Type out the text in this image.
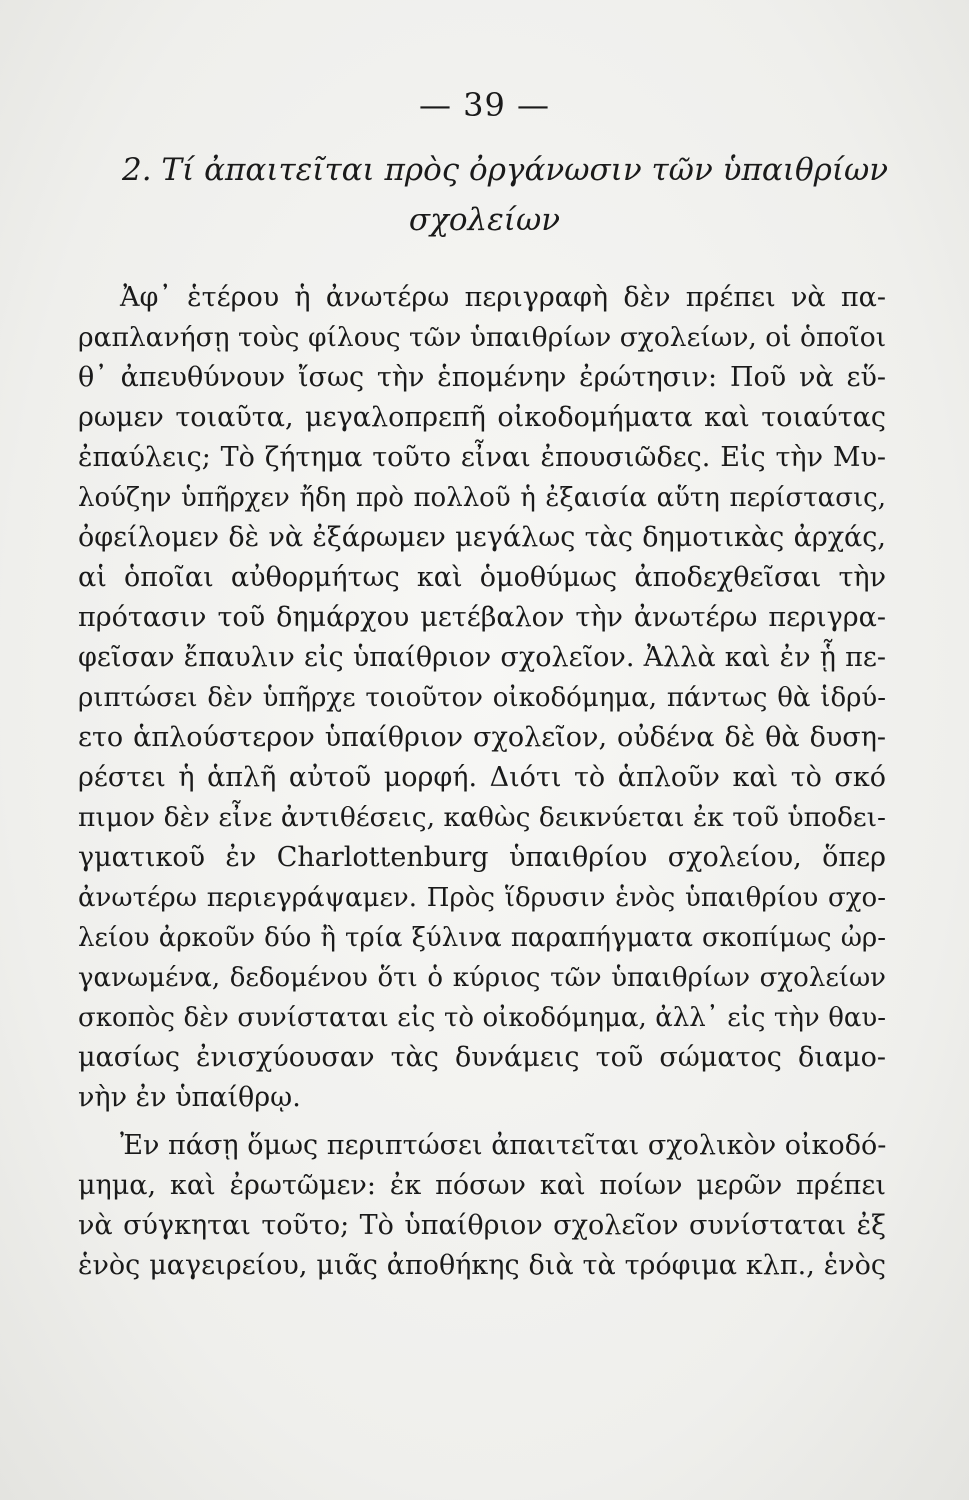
— 39 —
2. Τί ἀπαιτεῖται πρὸς ὀργάνωσιν τῶν ὑπαιθρίων
σχολείων
Ἀφ᾽ ἑτέρου ἡ ἀνωτέρω περιγραφὴ δὲν πρέπει νὰ πα-
ραπλανήσῃ τοὺς φίλους τῶν ὑπαιθρίων σχολείων, οἱ ὁποῖοι
θ᾽ ἀπευθύνουν ἴσως τὴν ἑπομένην ἐρώτησιν: Ποῦ νὰ εὕ-
ρωμεν τοιαῦτα, μεγαλοπρεπῆ οἰκοδομήματα καὶ τοιαύτας
ἐπαύλεις; Τὸ ζήτημα τοῦτο εἶναι ἐπουσιῶδες. Εἰς τὴν Μυ-
λούζην ὑπῆρχεν ἤδη πρὸ πολλοῦ ἡ ἐξαισία αὕτη περίστασις,
ὀφείλομεν δὲ νὰ ἐξάρωμεν μεγάλως τὰς δημοτικὰς ἀρχάς,
αἱ ὁποῖαι αὐθορμήτως καὶ ὁμοθύμως ἀποδεχθεῖσαι τὴν
πρότασιν τοῦ δημάρχου μετέβαλον τὴν ἀνωτέρω περιγρα-
φεῖσαν ἔπαυλιν εἰς ὑπαίθριον σχολεῖον. Ἀλλὰ καὶ ἐν ᾗ πε-
ριπτώσει δὲν ὑπῆρχε τοιοῦτον οἰκοδόμημα, πάντως θὰ ἱδρύ-
ετο ἁπλούστερον ὑπαίθριον σχολεῖον, οὐδένα δὲ θὰ δυση-
ρέστει ἡ ἁπλῆ αὐτοῦ μορφή. Διότι τὸ ἁπλοῦν καὶ τὸ σκό
πιμον δὲν εἶνε ἀντιθέσεις, καθὼς δεικνύεται ἐκ τοῦ ὑποδει-
γματικοῦ ἐν Charlottenburg ὑπαιθρίου σχολείου, ὅπερ
ἀνωτέρω περιεγράψαμεν. Πρὸς ἵδρυσιν ἑνὸς ὑπαιθρίου σχο-
λείου ἀρκοῦν δύο ἢ τρία ξύλινα παραπήγματα σκοπίμως ὠρ-
γανωμένα, δεδομένου ὅτι ὁ κύριος τῶν ὑπαιθρίων σχολείων
σκοπὸς δὲν συνίσταται εἰς τὸ οἰκοδόμημα, ἀλλ᾽ εἰς τὴν θαυ-
μασίως ἐνισχύουσαν τὰς δυνάμεις τοῦ σώματος διαμο-
νὴν ἐν ὑπαίθρῳ.
Ἐν πάσῃ ὅμως περιπτώσει ἀπαιτεῖται σχολικὸν οἰκοδό-
μημα, καὶ ἐρωτῶμεν: ἐκ πόσων καὶ ποίων μερῶν πρέπει
νὰ σύγκηται τοῦτο; Τὸ ὑπαίθριον σχολεῖον συνίσταται ἐξ
ἑνὸς μαγειρείου, μιᾶς ἀποθήκης διὰ τὰ τρόφιμα κλπ., ἑνὸς
